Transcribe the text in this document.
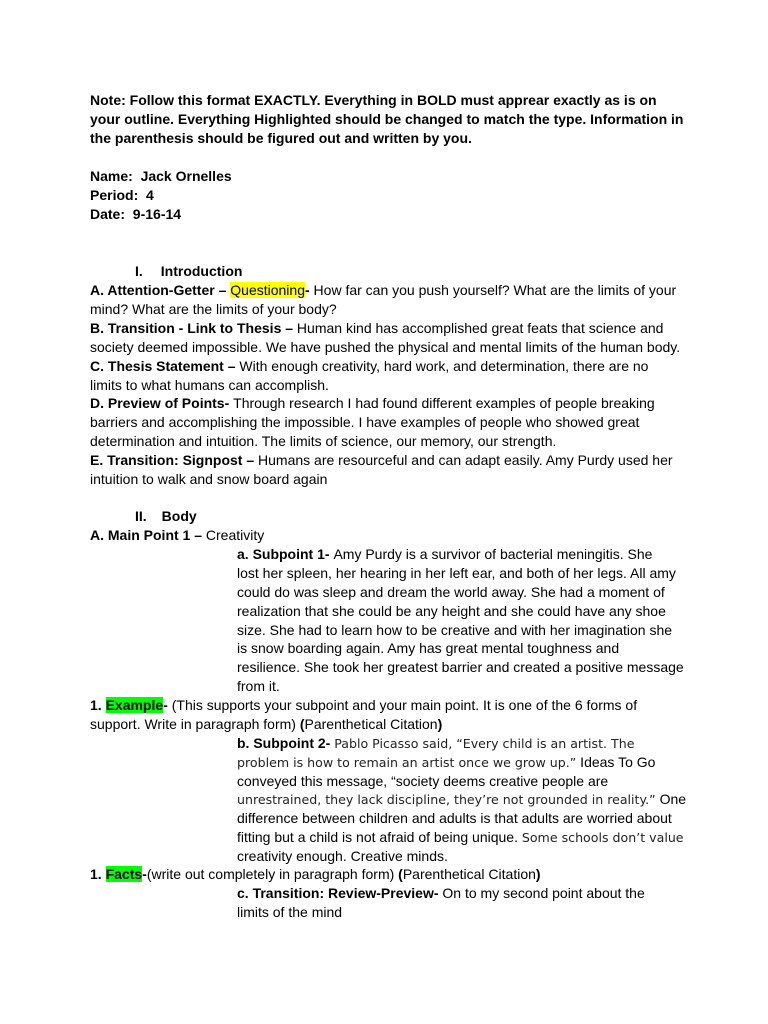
Note: Follow this format EXACTLY. Everything in BOLD must apprear exactly as is on
your outline. Everything Highlighted should be changed to match the type. Information in
the parenthesis should be figured out and written by you.
Name: Jack Ornelles
Period: 4
Date: 9-16-14
I. Introduction
A. Attention-Getter – Questioning- How far can you push yourself? What are the limits of your
mind? What are the limits of your body?
B. Transition - Link to Thesis – Human kind has accomplished great feats that science and
society deemed impossible. We have pushed the physical and mental limits of the human body.
C. Thesis Statement – With enough creativity, hard work, and determination, there are no
limits to what humans can accomplish.
D. Preview of Points- Through research I had found different examples of people breaking
barriers and accomplishing the impossible. I have examples of people who showed great
determination and intuition. The limits of science, our memory, our strength.
E. Transition: Signpost – Humans are resourceful and can adapt easily. Amy Purdy used her
intuition to walk and snow board again
II. Body
A. Main Point 1 – Creativity
a. Subpoint 1- Amy Purdy is a survivor of bacterial meningitis. She
lost her spleen, her hearing in her left ear, and both of her legs. All amy
could do was sleep and dream the world away. She had a moment of
realization that she could be any height and she could have any shoe
size. She had to learn how to be creative and with her imagination she
is snow boarding again. Amy has great mental toughness and
resilience. She took her greatest barrier and created a positive message
from it.
1. Example- (This supports your subpoint and your main point. It is one of the 6 forms of
support. Write in paragraph form) (Parenthetical Citation)
b. Subpoint 2- Pablo Picasso said, “Every child is an artist. The
problem is how to remain an artist once we grow up.” Ideas To Go
conveyed this message, “society deems creative people are
unrestrained, they lack discipline, they’re not grounded in reality.” One
difference between children and adults is that adults are worried about
fitting but a child is not afraid of being unique. Some schools don’t value
creativity enough. Creative minds.
1. Facts-(write out completely in paragraph form) (Parenthetical Citation)
c. Transition: Review-Preview- On to my second point about the
limits of the mind
